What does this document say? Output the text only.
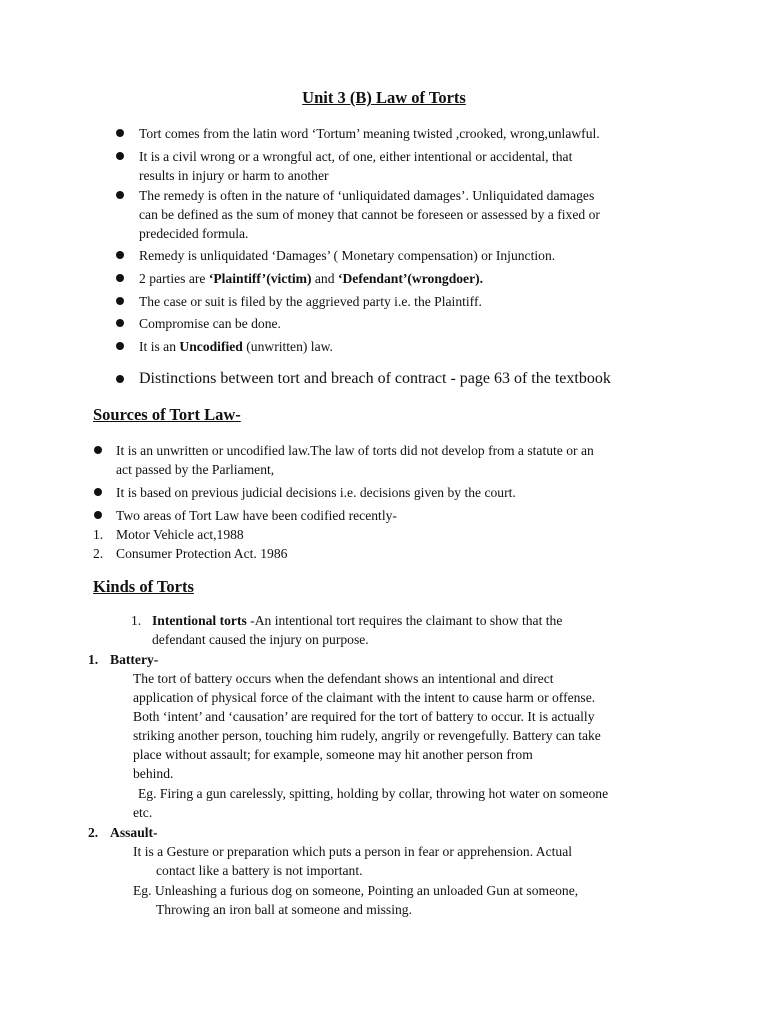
Unit 3 (B) Law of Torts
Tort comes from the latin word ‘Tortum’ meaning twisted ,crooked, wrong,unlawful.
It is a civil wrong or a wrongful act, of one, either intentional or accidental, that
results in injury or harm to another
The remedy is often in the nature of ‘unliquidated damages’. Unliquidated damages
can be defined as the sum of money that cannot be foreseen or assessed by a fixed or
predecided formula.
Remedy is unliquidated ‘Damages’ ( Monetary compensation) or Injunction.
2 parties are ‘Plaintiff’(victim) and ‘Defendant’(wrongdoer).
The case or suit is filed by the aggrieved party i.e. the Plaintiff.
Compromise can be done.
It is an Uncodified (unwritten) law.
Distinctions between tort and breach of contract - page 63 of the textbook
Sources of Tort Law-
It is an unwritten or uncodified law.The law of torts did not develop from a statute or an
act passed by the Parliament,
It is based on previous judicial decisions i.e. decisions given by the court.
Two areas of Tort Law have been codified recently-
1. Motor Vehicle act,1988
2. Consumer Protection Act. 1986
Kinds of Torts
1. Intentional torts -An intentional tort requires the claimant to show that the
defendant caused the injury on purpose.
1. Battery-
The tort of battery occurs when the defendant shows an intentional and direct
application of physical force of the claimant with the intent to cause harm or offense.
Both ‘intent’ and ‘causation’ are required for the tort of battery to occur. It is actually
striking another person, touching him rudely, angrily or revengefully. Battery can take
place without assault; for example, someone may hit another person from
behind.
Eg. Firing a gun carelessly, spitting, holding by collar, throwing hot water on someone
etc.
2. Assault-
It is a Gesture or preparation which puts a person in fear or apprehension. Actual
contact like a battery is not important.
Eg. Unleashing a furious dog on someone, Pointing an unloaded Gun at someone,
Throwing an iron ball at someone and missing.
